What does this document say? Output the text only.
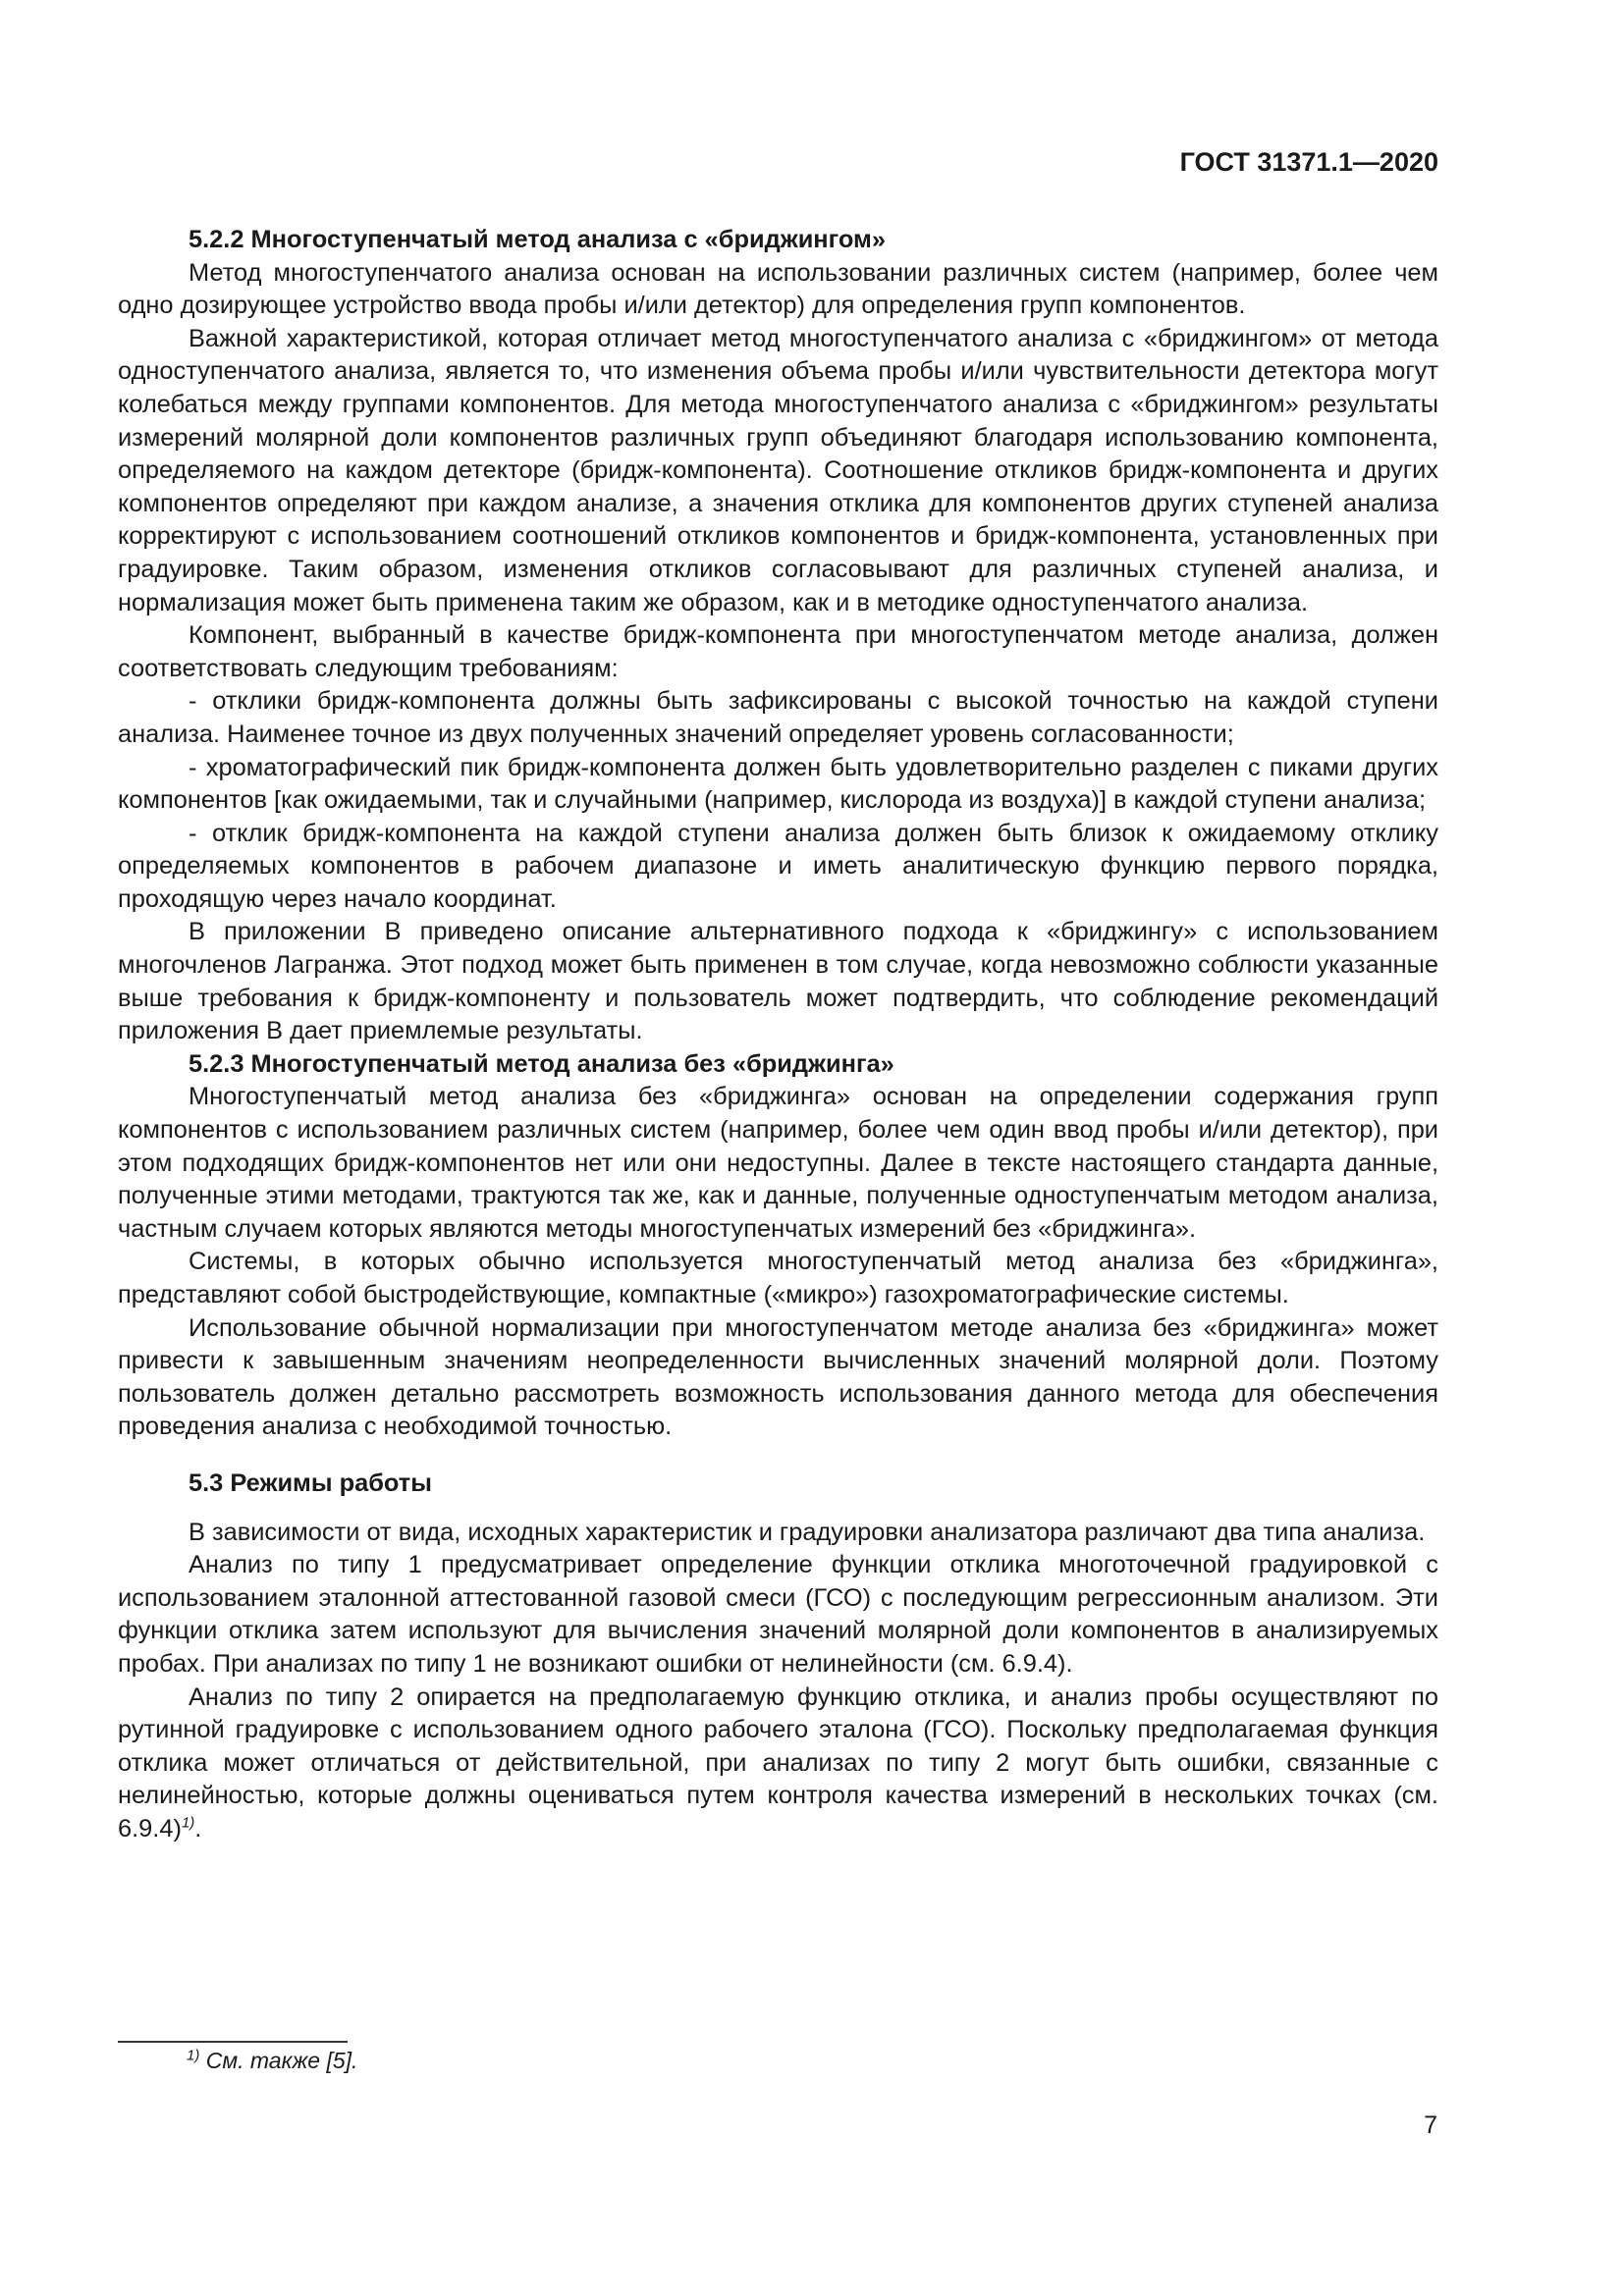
ГОСТ 31371.1—2020

5.2.2 Многоступенчатый метод анализа с «бриджингом»

Метод многоступенчатого анализа основан на использовании различных систем (например, более чем одно дозирующее устройство ввода пробы и/или детектор) для определения групп компонентов.

Важной характеристикой, которая отличает метод многоступенчатого анализа с «бриджингом» от метода одноступенчатого анализа, является то, что изменения объема пробы и/или чувствительности детектора могут колебаться между группами компонентов. Для метода многоступенчатого анализа с «бриджингом» результаты измерений молярной доли компонентов различных групп объединяют благодаря использованию компонента, определяемого на каждом детекторе (бридж-компонента). Соотношение откликов бридж-компонента и других компонентов определяют при каждом анализе, а значения отклика для компонентов других ступеней анализа корректируют с использованием соотношений откликов компонентов и бридж-компонента, установленных при градуировке. Таким образом, изменения откликов согласовывают для различных ступеней анализа, и нормализация может быть применена таким же образом, как и в методике одноступенчатого анализа.

Компонент, выбранный в качестве бридж-компонента при многоступенчатом методе анализа, должен соответствовать следующим требованиям:

- отклики бридж-компонента должны быть зафиксированы с высокой точностью на каждой ступени анализа. Наименее точное из двух полученных значений определяет уровень согласованности;

- хроматографический пик бридж-компонента должен быть удовлетворительно разделен с пиками других компонентов [как ожидаемыми, так и случайными (например, кислорода из воздуха)] в каждой ступени анализа;

- отклик бридж-компонента на каждой ступени анализа должен быть близок к ожидаемому отклику определяемых компонентов в рабочем диапазоне и иметь аналитическую функцию первого порядка, проходящую через начало координат.

В приложении В приведено описание альтернативного подхода к «бриджингу» с использованием многочленов Лагранжа. Этот подход может быть применен в том случае, когда невозможно соблюсти указанные выше требования к бридж-компоненту и пользователь может подтвердить, что соблюдение рекомендаций приложения В дает приемлемые результаты.

5.2.3 Многоступенчатый метод анализа без «бриджинга»

Многоступенчатый метод анализа без «бриджинга» основан на определении содержания групп компонентов с использованием различных систем (например, более чем один ввод пробы и/или детектор), при этом подходящих бридж-компонентов нет или они недоступны. Далее в тексте настоящего стандарта данные, полученные этими методами, трактуются так же, как и данные, полученные одноступенчатым методом анализа, частным случаем которых являются методы многоступенчатых измерений без «бриджинга».

Системы, в которых обычно используется многоступенчатый метод анализа без «бриджинга», представляют собой быстродействующие, компактные («микро») газохроматографические системы.

Использование обычной нормализации при многоступенчатом методе анализа без «бриджинга» может привести к завышенным значениям неопределенности вычисленных значений молярной доли. Поэтому пользователь должен детально рассмотреть возможность использования данного метода для обеспечения проведения анализа с необходимой точностью.

5.3 Режимы работы

В зависимости от вида, исходных характеристик и градуировки анализатора различают два типа анализа.

Анализ по типу 1 предусматривает определение функции отклика многоточечной градуировкой с использованием эталонной аттестованной газовой смеси (ГСО) с последующим регрессионным анализом. Эти функции отклика затем используют для вычисления значений молярной доли компонентов в анализируемых пробах. При анализах по типу 1 не возникают ошибки от нелинейности (см. 6.9.4).

Анализ по типу 2 опирается на предполагаемую функцию отклика, и анализ пробы осуществляют по рутинной градуировке с использованием одного рабочего эталона (ГСО). Поскольку предполагаемая функция отклика может отличаться от действительной, при анализах по типу 2 могут быть ошибки, связанные с нелинейностью, которые должны оцениваться путем контроля качества измерений в нескольких точках (см. 6.9.4)$^{1)}$.

$^{1)}$ См. также [5].

7
